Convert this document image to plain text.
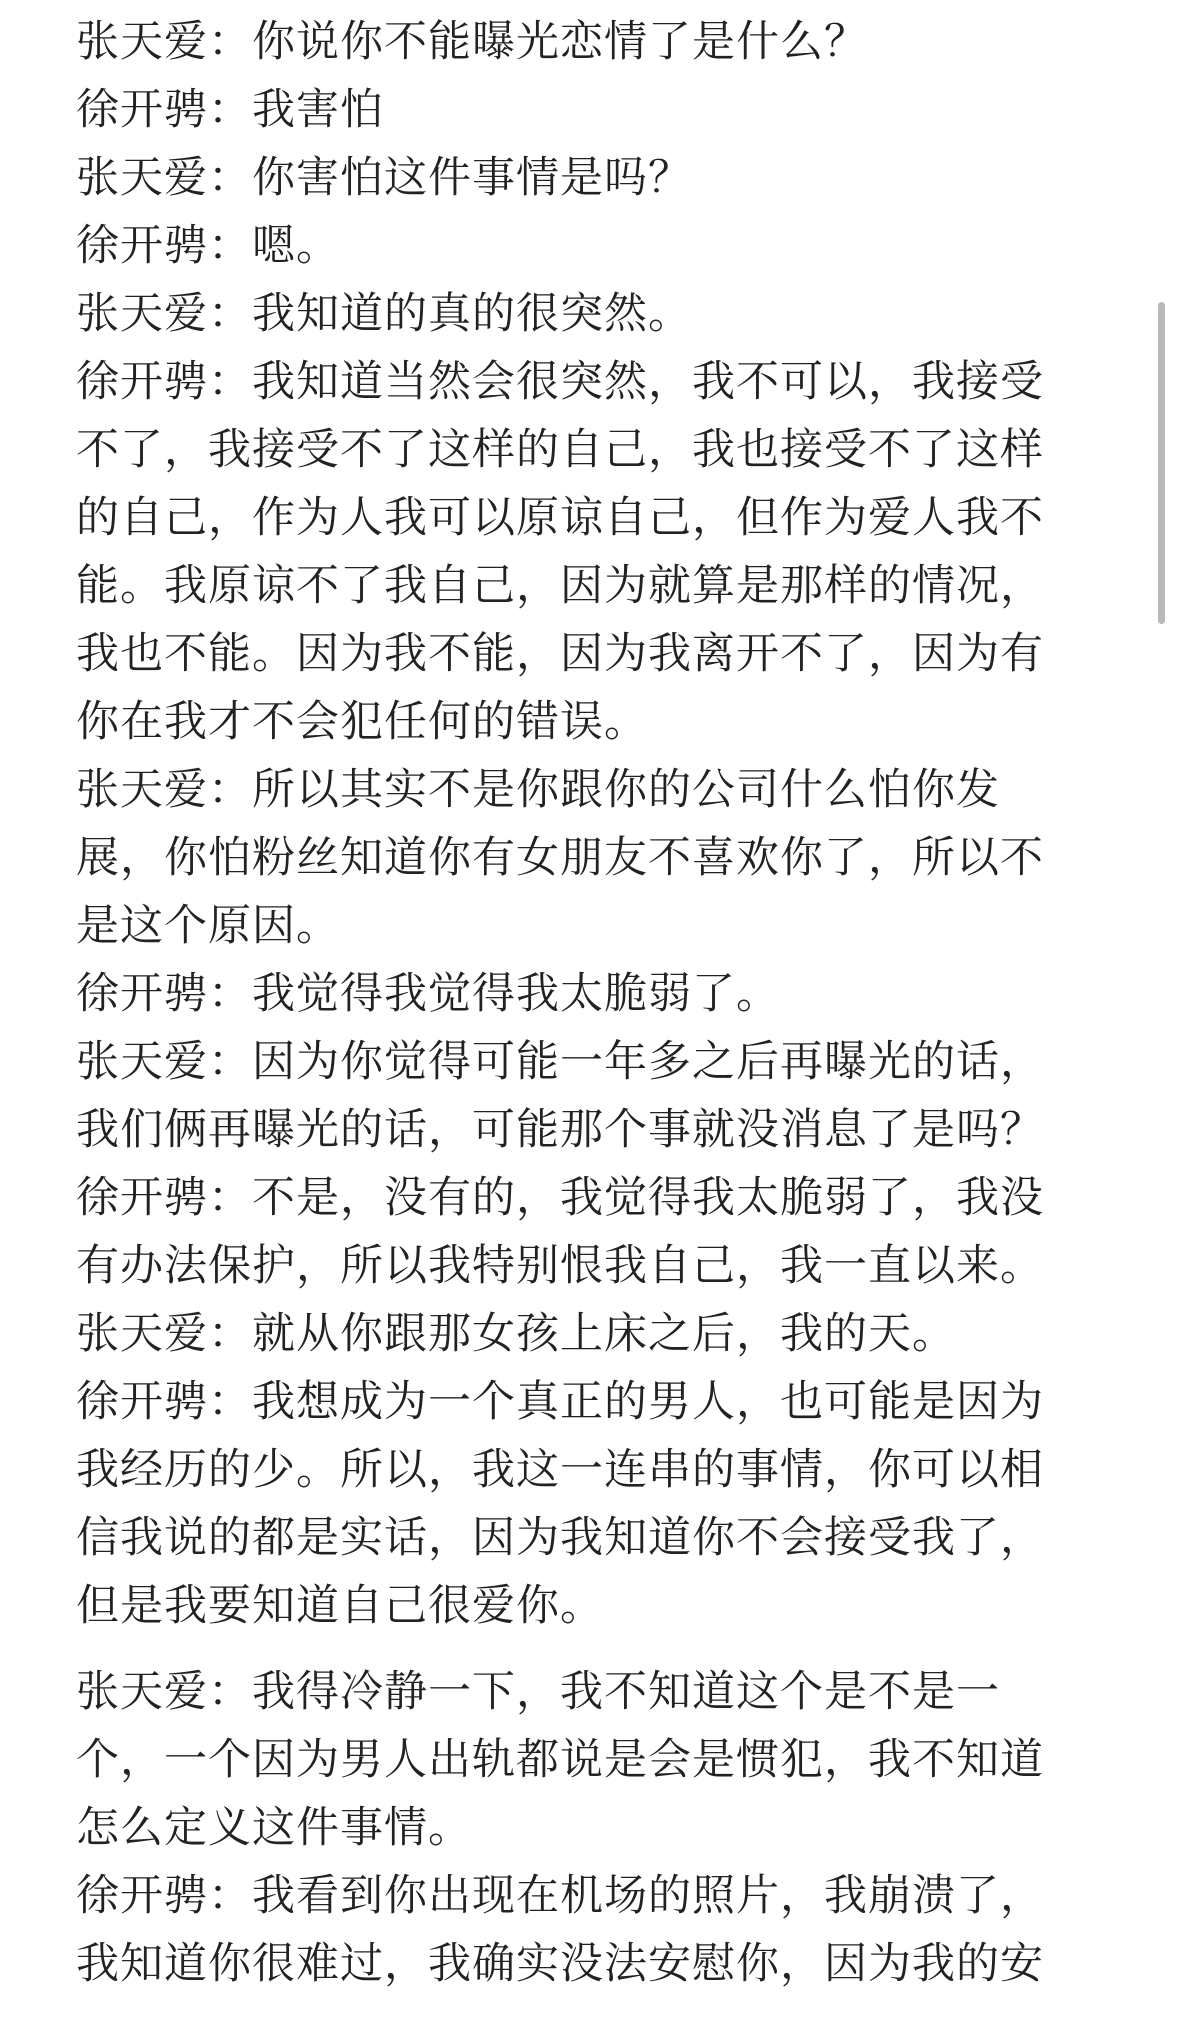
张天爱：你说你不能曝光恋情了是什么？

徐开骋：我害怕

张天爱：你害怕这件事情是吗？

徐开骋：嗯。

张天爱：我知道的真的很突然。

徐开骋：我知道当然会很突然，我不可以，我接受

不了，我接受不了这样的自己，我也接受不了这样

的自己，作为人我可以原谅自己，但作为爱人我不

能。我原谅不了我自己，因为就算是那样的情况，

我也不能。因为我不能，因为我离开不了，因为有

你在我才不会犯任何的错误。

张天爱：所以其实不是你跟你的公司什么怕你发

展，你怕粉丝知道你有女朋友不喜欢你了，所以不

是这个原因。

徐开骋：我觉得我觉得我太脆弱了。

张天爱：因为你觉得可能一年多之后再曝光的话，

我们俩再曝光的话，可能那个事就没消息了是吗？

徐开骋：不是，没有的，我觉得我太脆弱了，我没

有办法保护，所以我特别恨我自己，我一直以来。

张天爱：就从你跟那女孩上床之后，我的天。

徐开骋：我想成为一个真正的男人，也可能是因为

我经历的少。所以，我这一连串的事情，你可以相

信我说的都是实话，因为我知道你不会接受我了，

但是我要知道自己很爱你。

张天爱：我得冷静一下，我不知道这个是不是一

个，一个因为男人出轨都说是会是惯犯，我不知道

怎么定义这件事情。

徐开骋：我看到你出现在机场的照片，我崩溃了，

我知道你很难过，我确实没法安慰你，因为我的安
